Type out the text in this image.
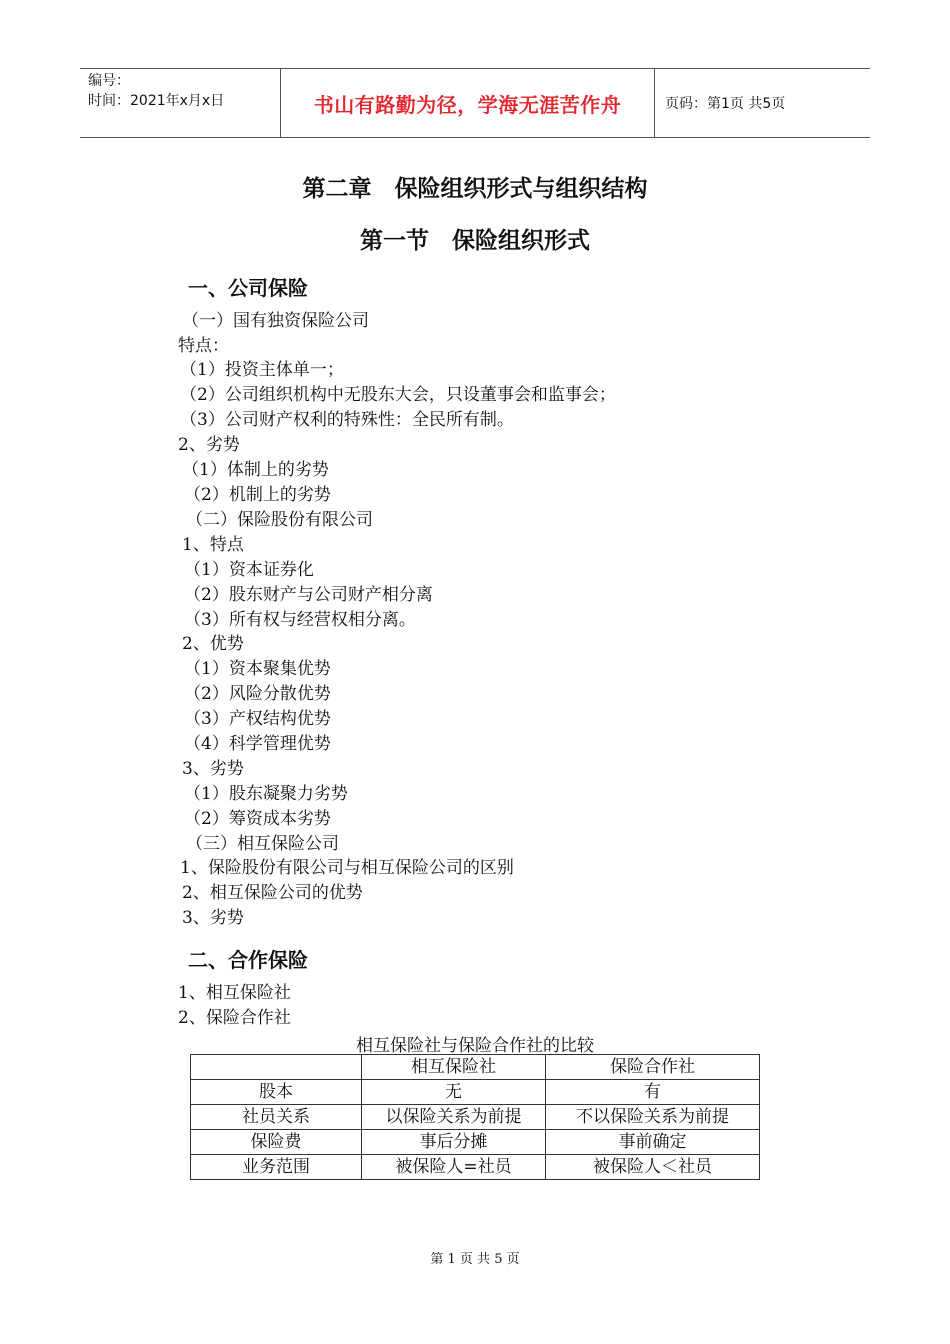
编号：
时间：2021年x月x日	书山有路勤为径，学海无涯苦作舟	页码：第1页 共5页
第二章　保险组织形式与组织结构
第一节　保险组织形式
一、公司保险
（一）国有独资保险公司
特点：
（1）投资主体单一；
（2）公司组织机构中无股东大会，只设董事会和监事会；
（3）公司财产权利的特殊性：全民所有制。
2、劣势
（1）体制上的劣势
（2）机制上的劣势
（二）保险股份有限公司
1、特点
（1）资本证券化
（2）股东财产与公司财产相分离
（3）所有权与经营权相分离。
2、优势
（1）资本聚集优势
（2）风险分散优势
（3）产权结构优势
（4）科学管理优势
3、劣势
（1）股东凝聚力劣势
（2）筹资成本劣势
（三）相互保险公司
1、保险股份有限公司与相互保险公司的区别
2、相互保险公司的优势
3、劣势
二、合作保险
1、相互保险社
2、保险合作社
相互保险社与保险合作社的比较
	相互保险社	保险合作社
股本	无	有
社员关系	以保险关系为前提	不以保险关系为前提
保险费	事后分摊	事前确定
业务范围	被保险人=社员	被保险人＜社员
第 1 页 共 5 页
